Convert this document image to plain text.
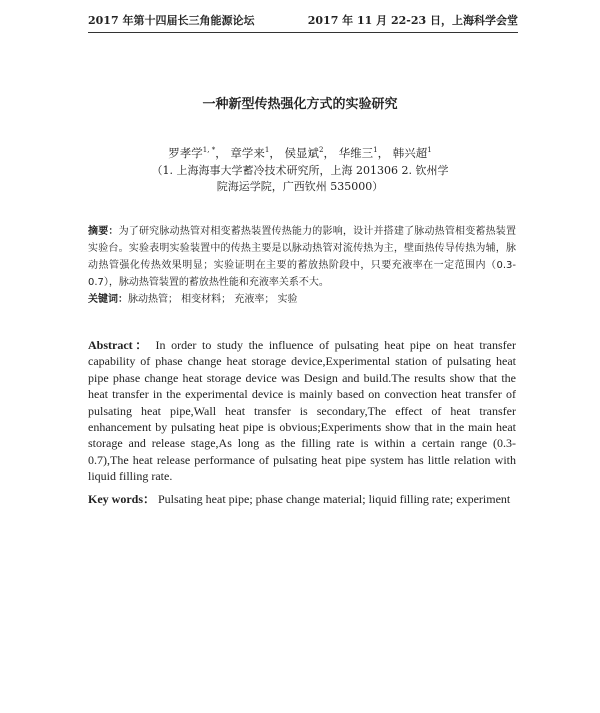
2017 年第十四届长三角能源论坛	2017 年 11 月 22-23 日，上海科学会堂
一种新型传热强化方式的实验研究
罗孝学$^{1, *}$， 章学来$^1$， 侯显斌$^2$， 华维三$^1$， 韩兴超$^1$
（1. 上海海事大学蓄冷技术研究所，上海 201306 2. 钦州学院海运学院，广西钦州 535000）
摘要：为了研究脉动热管对相变蓄热装置传热能力的影响，设计并搭建了脉动热管相变蓄热装置实验台。实验表明实验装置中的传热主要是以脉动热管对流传热为主，壁面热传导传热为辅，脉动热管强化传热效果明显；实验证明在主要的蓄放热阶段中，只要充液率在一定范围内（0.3-0.7），脉动热管装置的蓄放热性能和充液率关系不大。
关键词：脉动热管； 相变材料； 充液率； 实验
Abstract： In order to study the influence of pulsating heat pipe on heat transfer capability of phase change heat storage device,Experimental station of pulsating heat pipe phase change heat storage device was Design and build.The results show that the heat transfer in the experimental device is mainly based on convection heat transfer of pulsating heat pipe,Wall heat transfer is secondary,The effect of heat transfer enhancement by pulsating heat pipe is obvious;Experiments show that in the main heat storage and release stage,As long as the filling rate is within a certain range (0.3-0.7),The heat release performance of pulsating heat pipe system has little relation with liquid filling rate.
Key words： Pulsating heat pipe; phase change material; liquid filling rate; experiment
